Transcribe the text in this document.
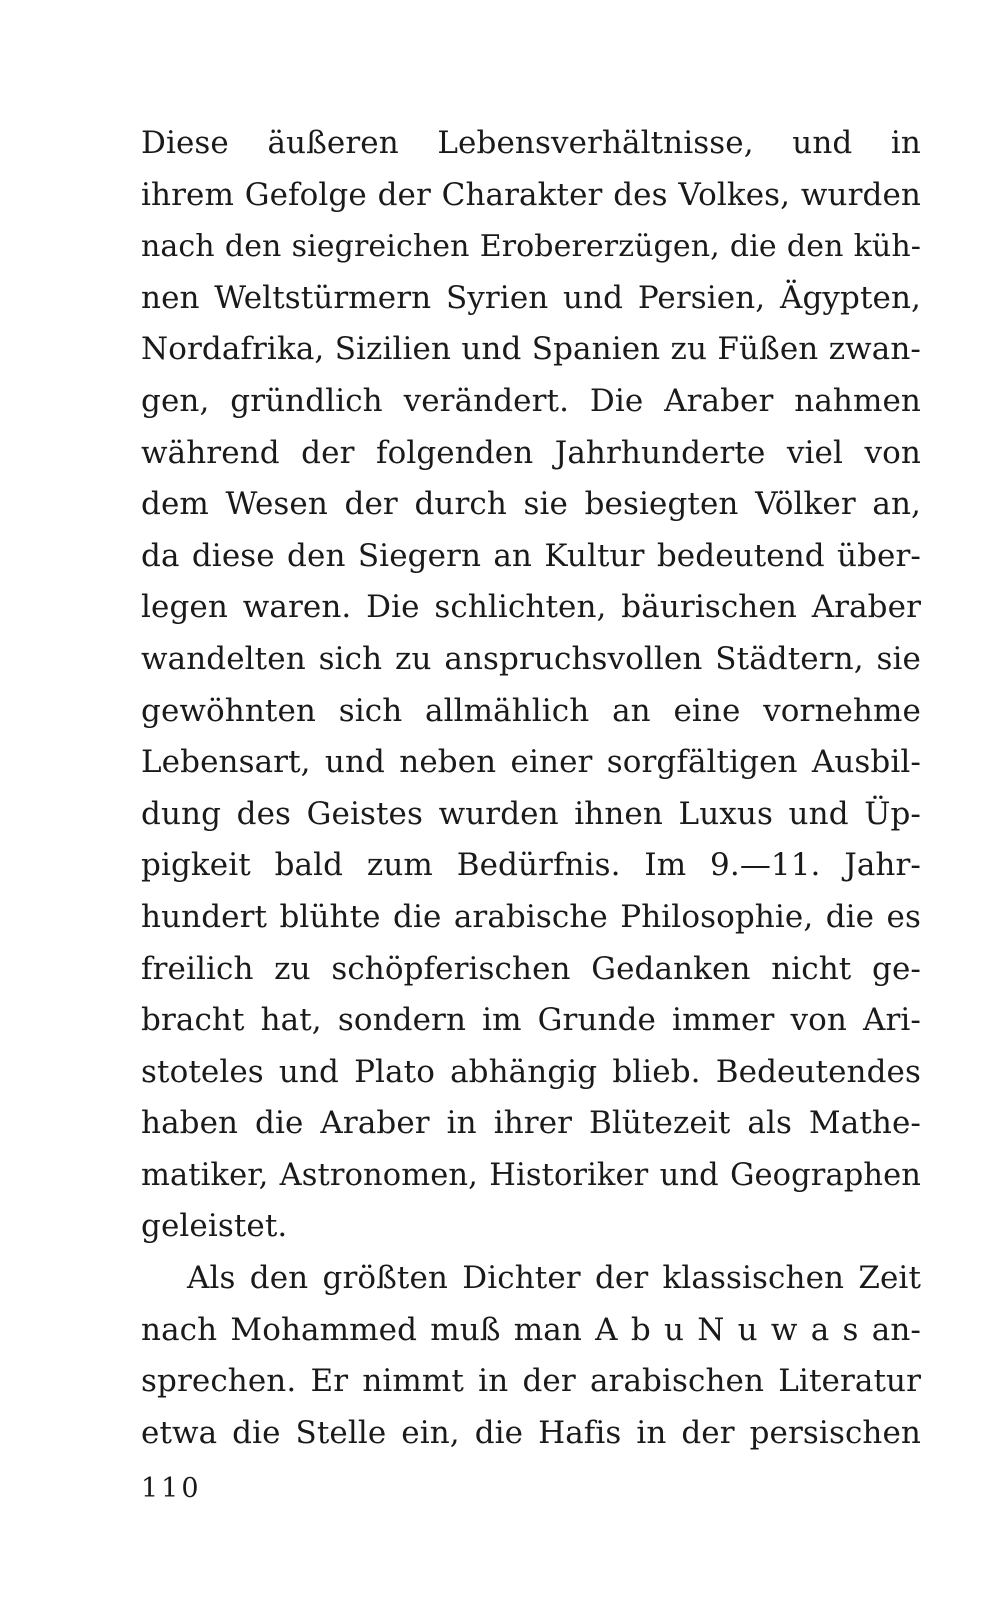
Diese äußeren Lebensverhältnisse, und in
ihrem Gefolge der Charakter des Volkes, wurden
nach den siegreichen Erobererzügen, die den küh-
nen Weltstürmern Syrien und Persien, Ägypten,
Nordafrika, Sizilien und Spanien zu Füßen zwan-
gen, gründlich verändert. Die Araber nahmen
während der folgenden Jahrhunderte viel von
dem Wesen der durch sie besiegten Völker an,
da diese den Siegern an Kultur bedeutend über-
legen waren. Die schlichten, bäurischen Araber
wandelten sich zu anspruchsvollen Städtern, sie
gewöhnten sich allmählich an eine vornehme
Lebensart, und neben einer sorgfältigen Ausbil-
dung des Geistes wurden ihnen Luxus und Üp-
pigkeit bald zum Bedürfnis. Im 9.—11. Jahr-
hundert blühte die arabische Philosophie, die es
freilich zu schöpferischen Gedanken nicht ge-
bracht hat, sondern im Grunde immer von Ari-
stoteles und Plato abhängig blieb. Bedeutendes
haben die Araber in ihrer Blütezeit als Mathe-
matiker, Astronomen, Historiker und Geographen
geleistet.
Als den größten Dichter der klassischen Zeit
nach Mohammed muß man A b u N u w a s an-
sprechen. Er nimmt in der arabischen Literatur
etwa die Stelle ein, die Hafis in der persischen
110
